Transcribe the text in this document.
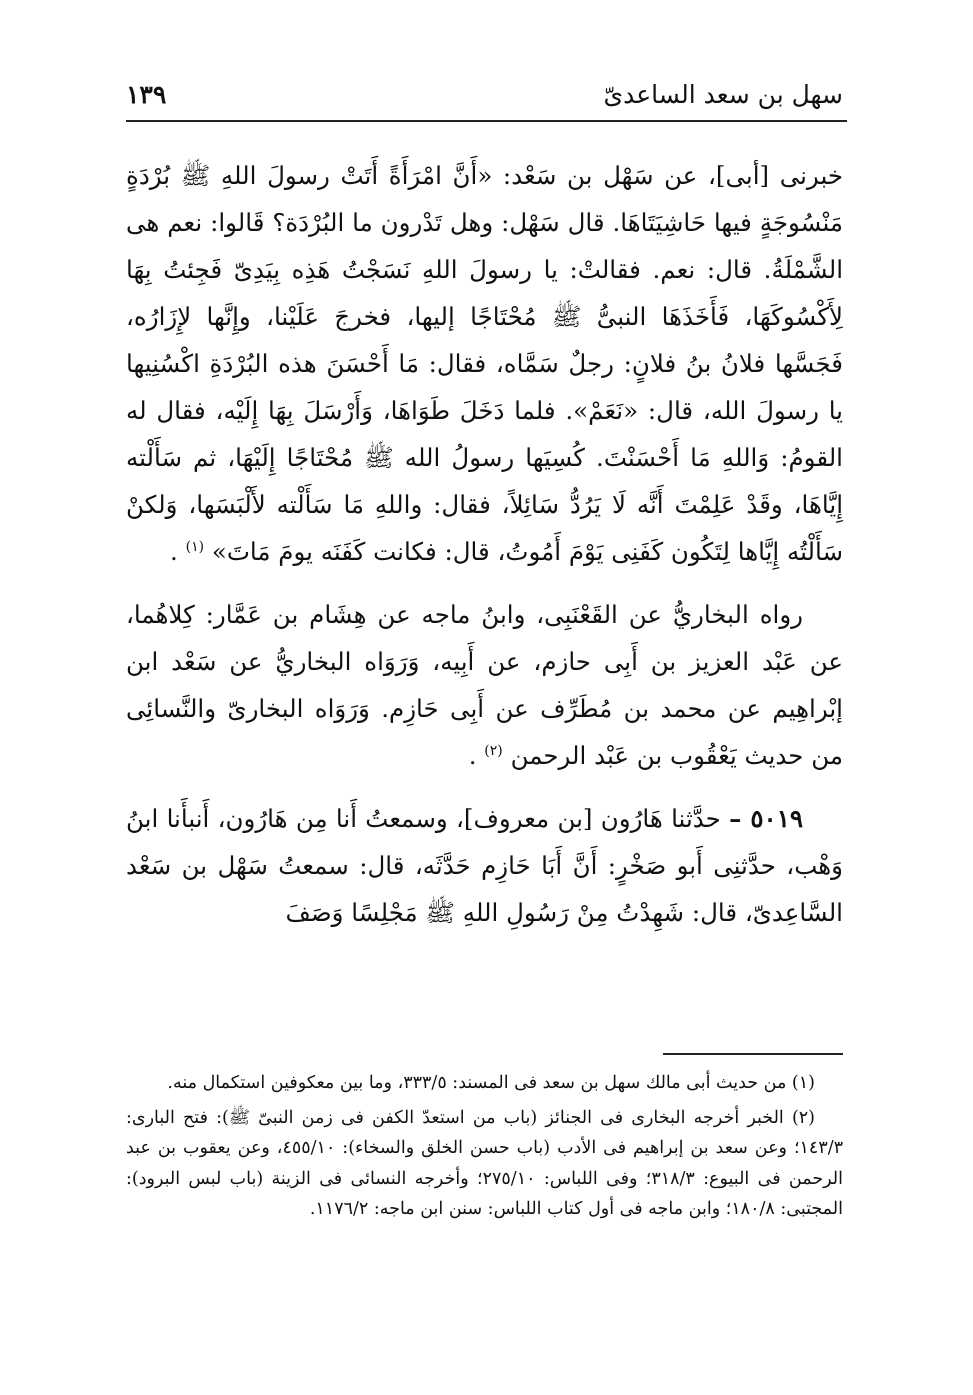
سهل بن سعد الساعدىّ
١٣٩

خبرنى [أبى]، عن سَهْل بن سَعْد: «أَنَّ امْرَأَةً أَتَتْ رسولَ اللهِ ﷺ بُرْدَةٍ مَنْسُوجَةٍ فيها حَاشِيَتَاهَا. قال سَهْل: وهل تَدْرون ما البُرْدَة؟ قَالوا: نعم هى الشَّمْلَةُ. قال: نعم. فقالتْ: يا رسولَ اللهِ نَسَجْتُ هَذِه بِيَدِىّ فَجِئتُ بِهَا لِأَكْسُوكَهَا، فَأَخَذَهَا النبىُّ ﷺ مُحْتَاجًا إليها، فخرجَ عَلَيْنا، وإِنَّها لإِزَارُه، فَجَسَّها فلانُ بنُ فلانٍ: رجلٌ سَمَّاه، فقال: مَا أَحْسَنَ هذه البُرْدَةِ اكْسُنِيها يا رسولَ الله، قال: «نَعَمْ». فلما دَخَلَ طَوَاهَا، وَأَرْسَلَ بِهَا إِلَيْه، فقال له القومُ: وَاللهِ مَا أَحْسَنْتَ. كُسِيَها رسولُ الله ﷺ مُحْتَاجًا إِلَيْهَا، ثم سَأَلْته إِيَّاهَا، وقَدْ عَلِمْتَ أَنَّه لَا يَرُدُّ سَائِلاً، فقال: واللهِ مَا سَأَلْته لأَلْبَسَها، وَلكنْ سَأَلْتُه إِيَّاها لِتَكُون كَفَنِى يَوْمَ أَمُوتُ، قال: فكانت كَفَنَه يومَ مَاتَ» $^{(١)}$ .

رواه البخاريُّ عن القَعْنَبِى، وابنُ ماجه عن هِشَام بن عَمَّار: كِلاهُما، عن عَبْد العزيز بن أَبِى حازم، عن أَبِيه، وَرَوَاه البخاريُّ عن سَعْد ابن إبْراهِيم عن محمد بن مُطَرِّف عن أَبِى حَازِم. وَرَوَاه البخارىّ والنَّسائِى من حديث يَعْقُوب بن عَبْد الرحمن $^{(٢)}$ .

٥٠١٩ – حدَّثنا هَارُون [بن معروف]، وسمعتُ أَنا مِن هَارُون، أَنبأَنا ابنُ وَهْب، حدَّثنِى أَبو صَخْرٍ: أَنَّ أَبَا حَازِم حَدَّثَه، قال: سمعتُ سَهْل بن سَعْد السَّاعِدىّ، قال: شَهِدْتُ مِنْ رَسُولِ اللهِ ﷺ مَجْلِسًا وَصَفَ

(١) من حديث أبى مالك سهل بن سعد فى المسند: ٣٣٣/٥، وما بين معكوفين استكمال منه.

(٢) الخبر أخرجه البخارى فى الجنائز (باب من استعدّ الكفن فى زمن النبىّ ﷺ): فتح البارى: ١٤٣/٣؛ وعن سعد بن إبراهيم فى الأدب (باب حسن الخلق والسخاء): ٤٥٥/١٠، وعن يعقوب بن عبد الرحمن فى البيوع: ٣١٨/٣؛ وفى اللباس: ٢٧٥/١٠؛ وأخرجه النسائى فى الزينة (باب لبس البرود): المجتبى: ١٨٠/٨؛ وابن ماجه فى أول كتاب اللباس: سنن ابن ماجه: ١١٧٦/٢.
